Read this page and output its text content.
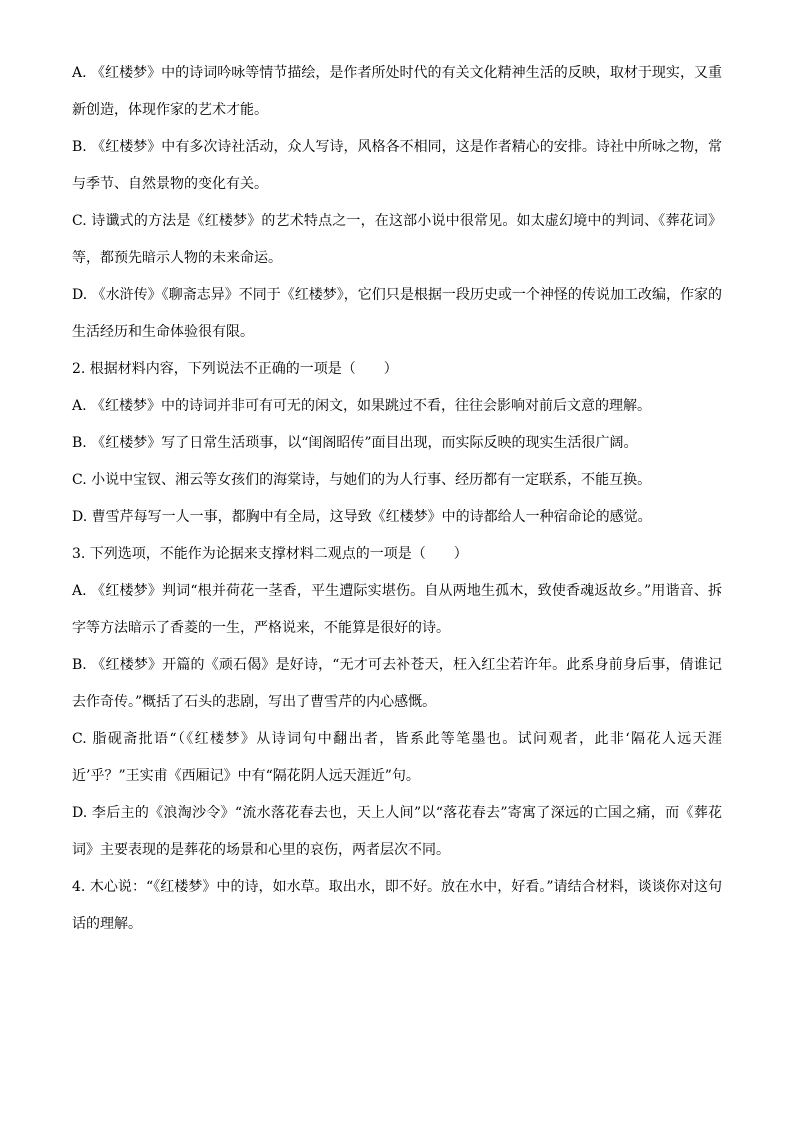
A. 《红楼梦》中的诗词吟咏等情节描绘，是作者所处时代的有关文化精神生活的反映，取材于现实，又重新创造，体现作家的艺术才能。

B. 《红楼梦》中有多次诗社活动，众人写诗，风格各不相同，这是作者精心的安排。诗社中所咏之物，常与季节、自然景物的变化有关。

C. 诗谶式的方法是《红楼梦》的艺术特点之一，在这部小说中很常见。如太虚幻境中的判词、《葬花词》等，都预先暗示人物的未来命运。

D. 《水浒传》《聊斋志异》不同于《红楼梦》，它们只是根据一段历史或一个神怪的传说加工改编，作家的生活经历和生命体验很有限。

2. 根据材料内容，下列说法不正确的一项是（　　）

A. 《红楼梦》中的诗词并非可有可无的闲文，如果跳过不看，往往会影响对前后文意的理解。

B. 《红楼梦》写了日常生活琐事，以“闺阁昭传”面目出现，而实际反映的现实生活很广阔。

C. 小说中宝钗、湘云等女孩们的海棠诗，与她们的为人行事、经历都有一定联系，不能互换。

D. 曹雪芹每写一人一事，都胸中有全局，这导致《红楼梦》中的诗都给人一种宿命论的感觉。

3. 下列选项，不能作为论据来支撑材料二观点的一项是（　　）

A. 《红楼梦》判词“根并荷花一茎香，平生遭际实堪伤。自从两地生孤木，致使香魂返故乡。”用谐音、拆字等方法暗示了香菱的一生，严格说来，不能算是很好的诗。

B. 《红楼梦》开篇的《顽石偈》是好诗，“无才可去补苍天，枉入红尘若许年。此系身前身后事，倩谁记去作奇传。”概括了石头的悲剧，写出了曹雪芹的内心感慨。

C. 脂砚斋批语“（《红楼梦》从诗词句中翻出者，皆系此等笔墨也。试问观者，此非‘隔花人远天涯近’乎？”王实甫《西厢记》中有“隔花阴人远天涯近”句。

D. 李后主的《浪淘沙令》“流水落花春去也，天上人间”以“落花春去”寄寓了深远的亡国之痛，而《葬花词》主要表现的是葬花的场景和心里的哀伤，两者层次不同。

4. 木心说：“《红楼梦》中的诗，如水草。取出水，即不好。放在水中，好看。”请结合材料，谈谈你对这句话的理解。
